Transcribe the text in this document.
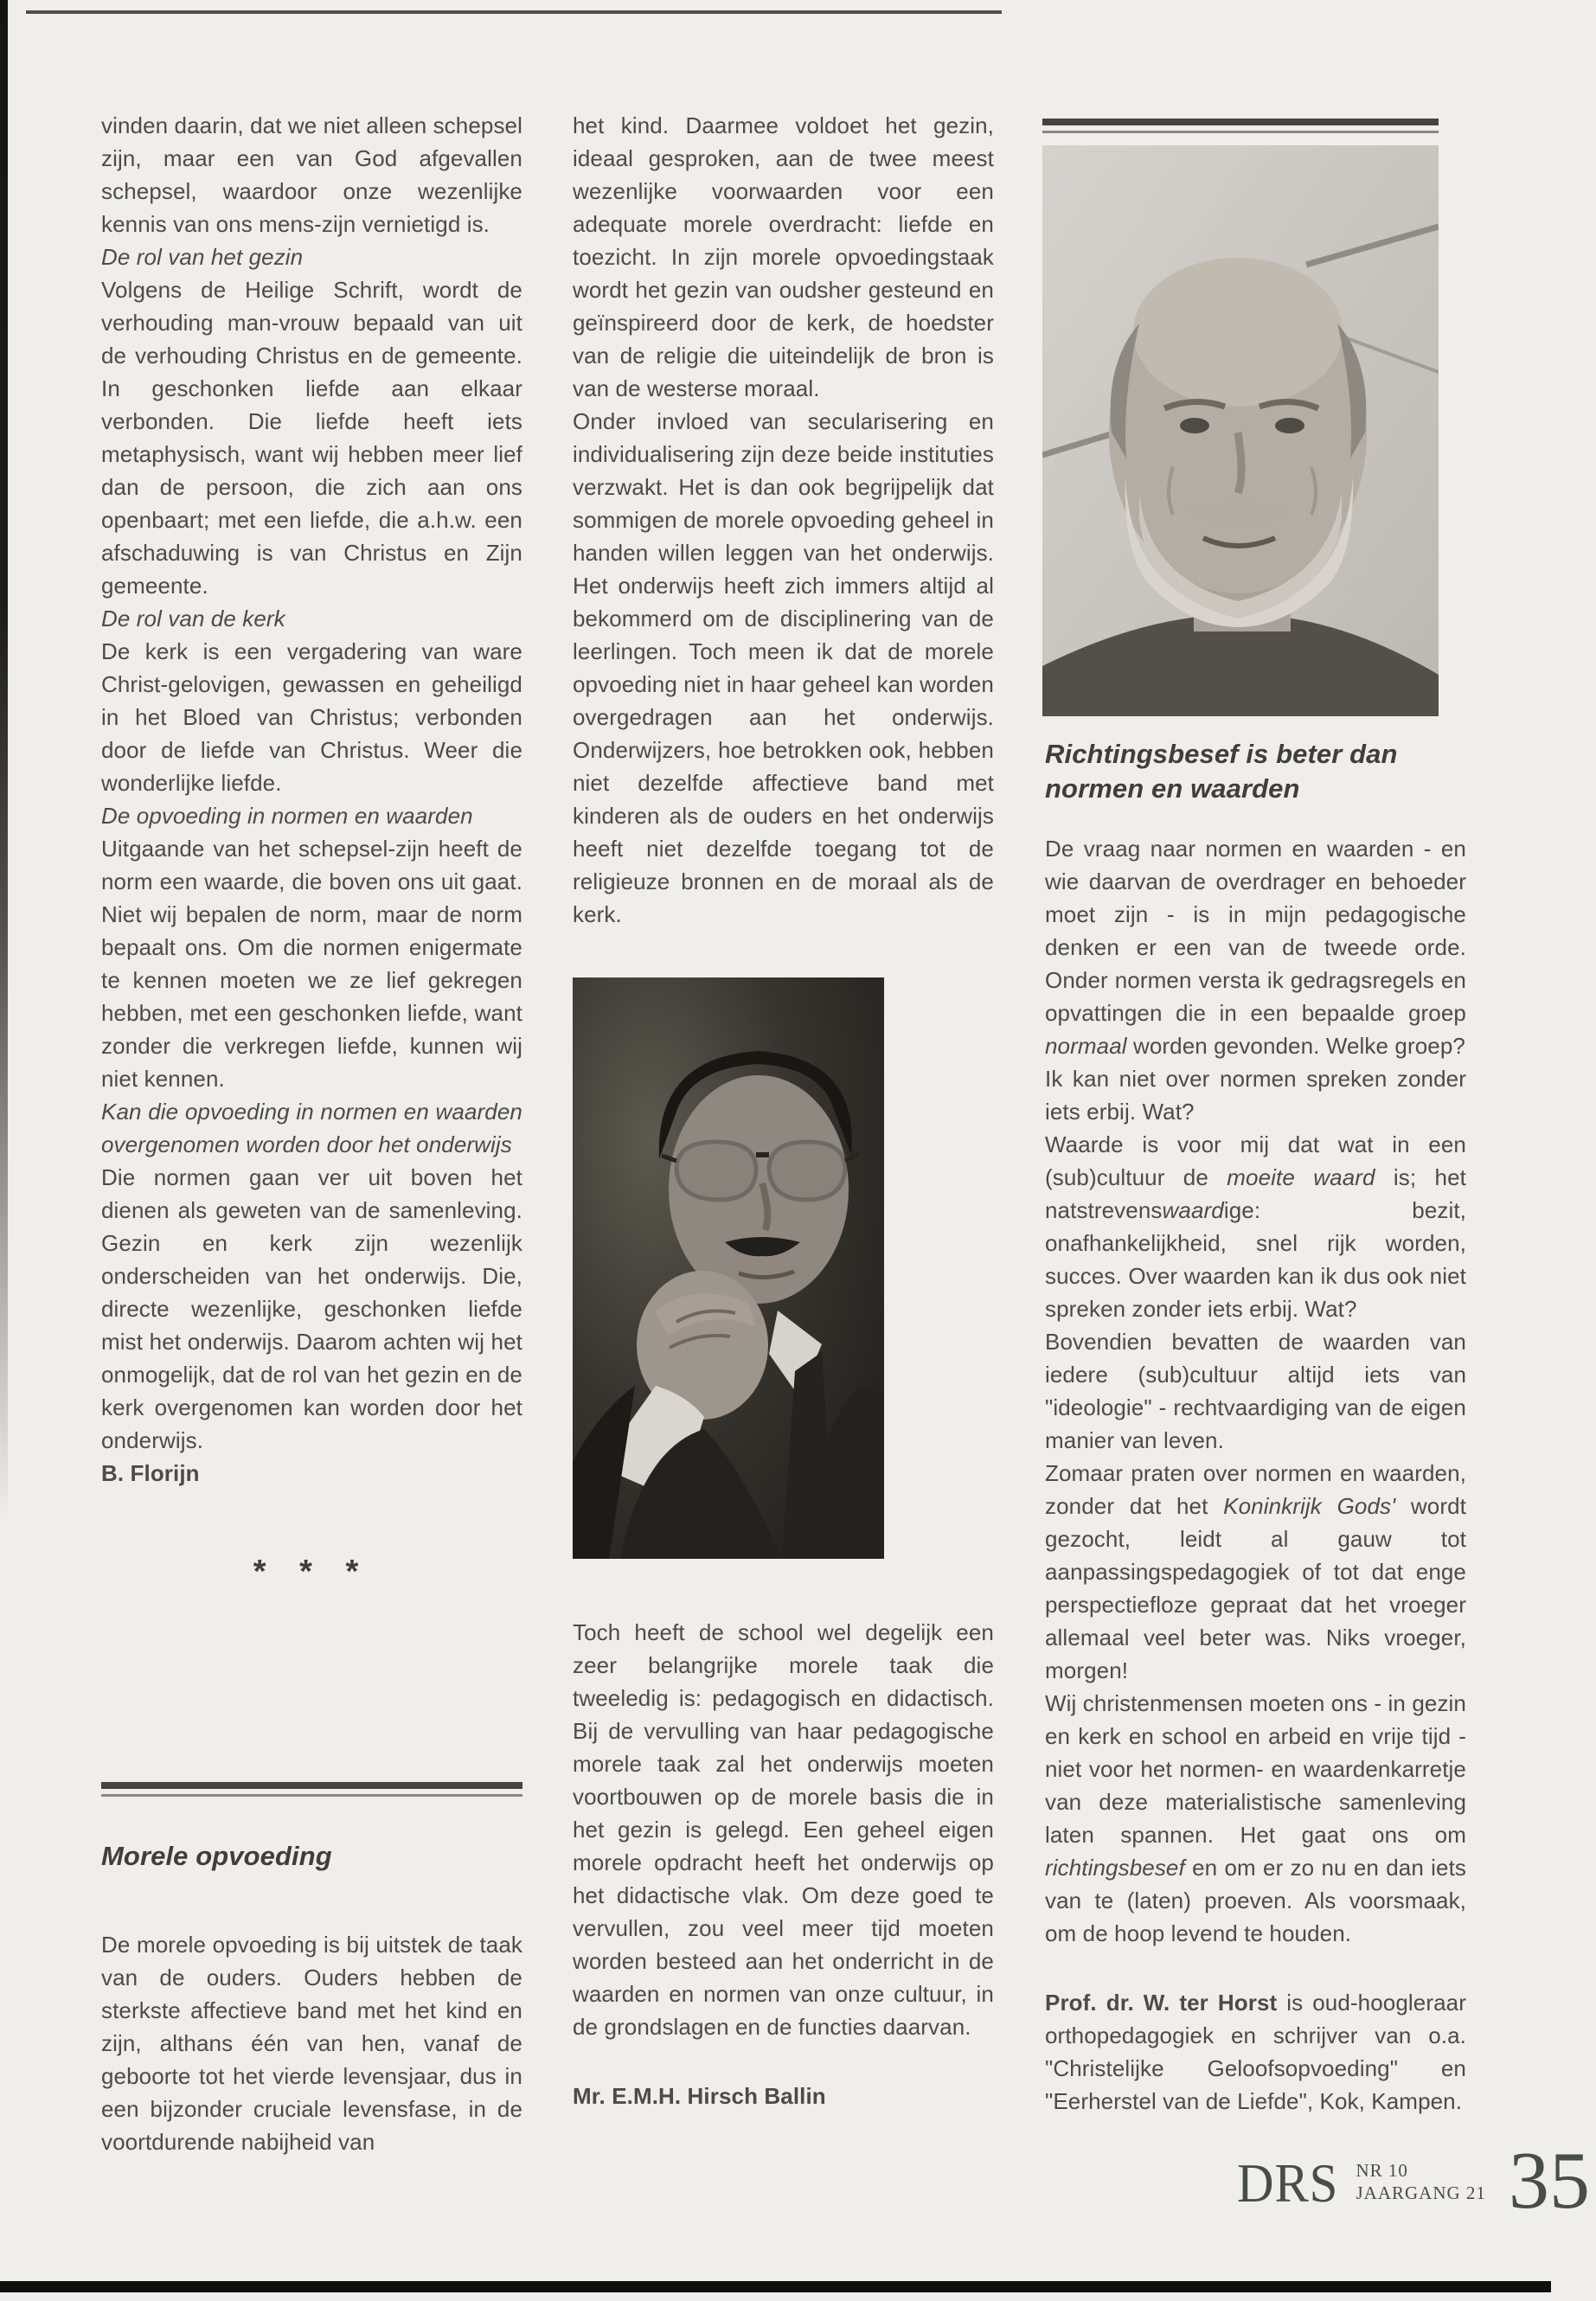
vinden daarin, dat we niet alleen schepsel zijn, maar een van God afgevallen schepsel, waardoor onze wezenlijke kennis van ons mens-zijn vernietigd is.

De rol van het gezin

Volgens de Heilige Schrift, wordt de verhouding man-vrouw bepaald van uit de verhouding Christus en de gemeente. In geschonken liefde aan elkaar verbonden. Die liefde heeft iets metaphysisch, want wij hebben meer lief dan de persoon, die zich aan ons openbaart; met een liefde, die a.h.w. een afschaduwing is van Christus en Zijn gemeente.

De rol van de kerk

De kerk is een vergadering van ware Christ-gelovigen, gewassen en geheiligd in het Bloed van Christus; verbonden door de liefde van Christus. Weer die wonderlijke liefde.

De opvoeding in normen en waarden

Uitgaande van het schepsel-zijn heeft de norm een waarde, die boven ons uit gaat. Niet wij bepalen de norm, maar de norm bepaalt ons. Om die normen enigermate te kennen moeten we ze lief gekregen hebben, met een geschonken liefde, want zonder die verkregen liefde, kunnen wij niet kennen.

Kan die opvoeding in normen en waarden overgenomen worden door het onderwijs

Die normen gaan ver uit boven het dienen als geweten van de samenleving. Gezin en kerk zijn wezenlijk onderscheiden van het onderwijs. Die, directe wezenlijke, geschonken liefde mist het onderwijs. Daarom achten wij het onmogelijk, dat de rol van het gezin en de kerk overgenomen kan worden door het onderwijs.

B. Florijn

* * *
Morele opvoeding

De morele opvoeding is bij uitstek de taak van de ouders. Ouders hebben de sterkste affectieve band met het kind en zijn, althans één van hen, vanaf de geboorte tot het vierde levensjaar, dus in een bijzonder cruciale levensfase, in de voortdurende nabijheid van

het kind. Daarmee voldoet het gezin, ideaal gesproken, aan de twee meest wezenlijke voorwaarden voor een adequate morele overdracht: liefde en toezicht. In zijn morele opvoedingstaak wordt het gezin van oudsher gesteund en geïnspireerd door de kerk, de hoedster van de religie die uiteindelijk de bron is van de westerse moraal.

Onder invloed van secularisering en individualisering zijn deze beide instituties verzwakt. Het is dan ook begrijpelijk dat sommigen de morele opvoeding geheel in handen willen leggen van het onderwijs. Het onderwijs heeft zich immers altijd al bekommerd om de disciplinering van de leerlingen. Toch meen ik dat de morele opvoeding niet in haar geheel kan worden overgedragen aan het onderwijs. Onderwijzers, hoe betrokken ook, hebben niet dezelfde affectieve band met kinderen als de ouders en het onderwijs heeft niet dezelfde toegang tot de religieuze bronnen en de moraal als de kerk.

Toch heeft de school wel degelijk een zeer belangrijke morele taak die tweeledig is: pedagogisch en didactisch. Bij de vervulling van haar pedagogische morele taak zal het onderwijs moeten voortbouwen op de morele basis die in het gezin is gelegd. Een geheel eigen morele opdracht heeft het onderwijs op het didactische vlak. Om deze goed te vervullen, zou veel meer tijd moeten worden besteed aan het onderricht in de waarden en normen van onze cultuur, in de grondslagen en de functies daarvan.

Mr. E.M.H. Hirsch Ballin

Richtingsbesef is beter dan normen en waarden

De vraag naar normen en waarden - en wie daarvan de overdrager en behoeder moet zijn - is in mijn pedagogische denken er een van de tweede orde. Onder normen versta ik gedragsregels en opvattingen die in een bepaalde groep normaal worden gevonden. Welke groep?

Ik kan niet over normen spreken zonder iets erbij. Wat?

Waarde is voor mij dat wat in een (sub)cultuur de moeite waard is; het natstrevenswaardige: bezit, onafhankelijkheid, snel rijk worden, succes. Over waarden kan ik dus ook niet spreken zonder iets erbij. Wat?

Bovendien bevatten de waarden van iedere (sub)cultuur altijd iets van "ideologie" - rechtvaardiging van de eigen manier van leven.

Zomaar praten over normen en waarden, zonder dat het Koninkrijk Gods' wordt gezocht, leidt al gauw tot aanpassingspedagogiek of tot dat enge perspectiefloze gepraat dat het vroeger allemaal veel beter was. Niks vroeger, morgen!

Wij christenmensen moeten ons - in gezin en kerk en school en arbeid en vrije tijd - niet voor het normen- en waardenkarretje van deze materialistische samenleving laten spannen. Het gaat ons om richtingsbesef en om er zo nu en dan iets van te (laten) proeven. Als voorsmaak, om de hoop levend te houden.

Prof. dr. W. ter Horst is oud-hoogleraar orthopedagogiek en schrijver van o.a. "Christelijke Geloofsopvoeding" en "Eerherstel van de Liefde", Kok, Kampen.

DRS NR 10
JAARGANG 21 35
